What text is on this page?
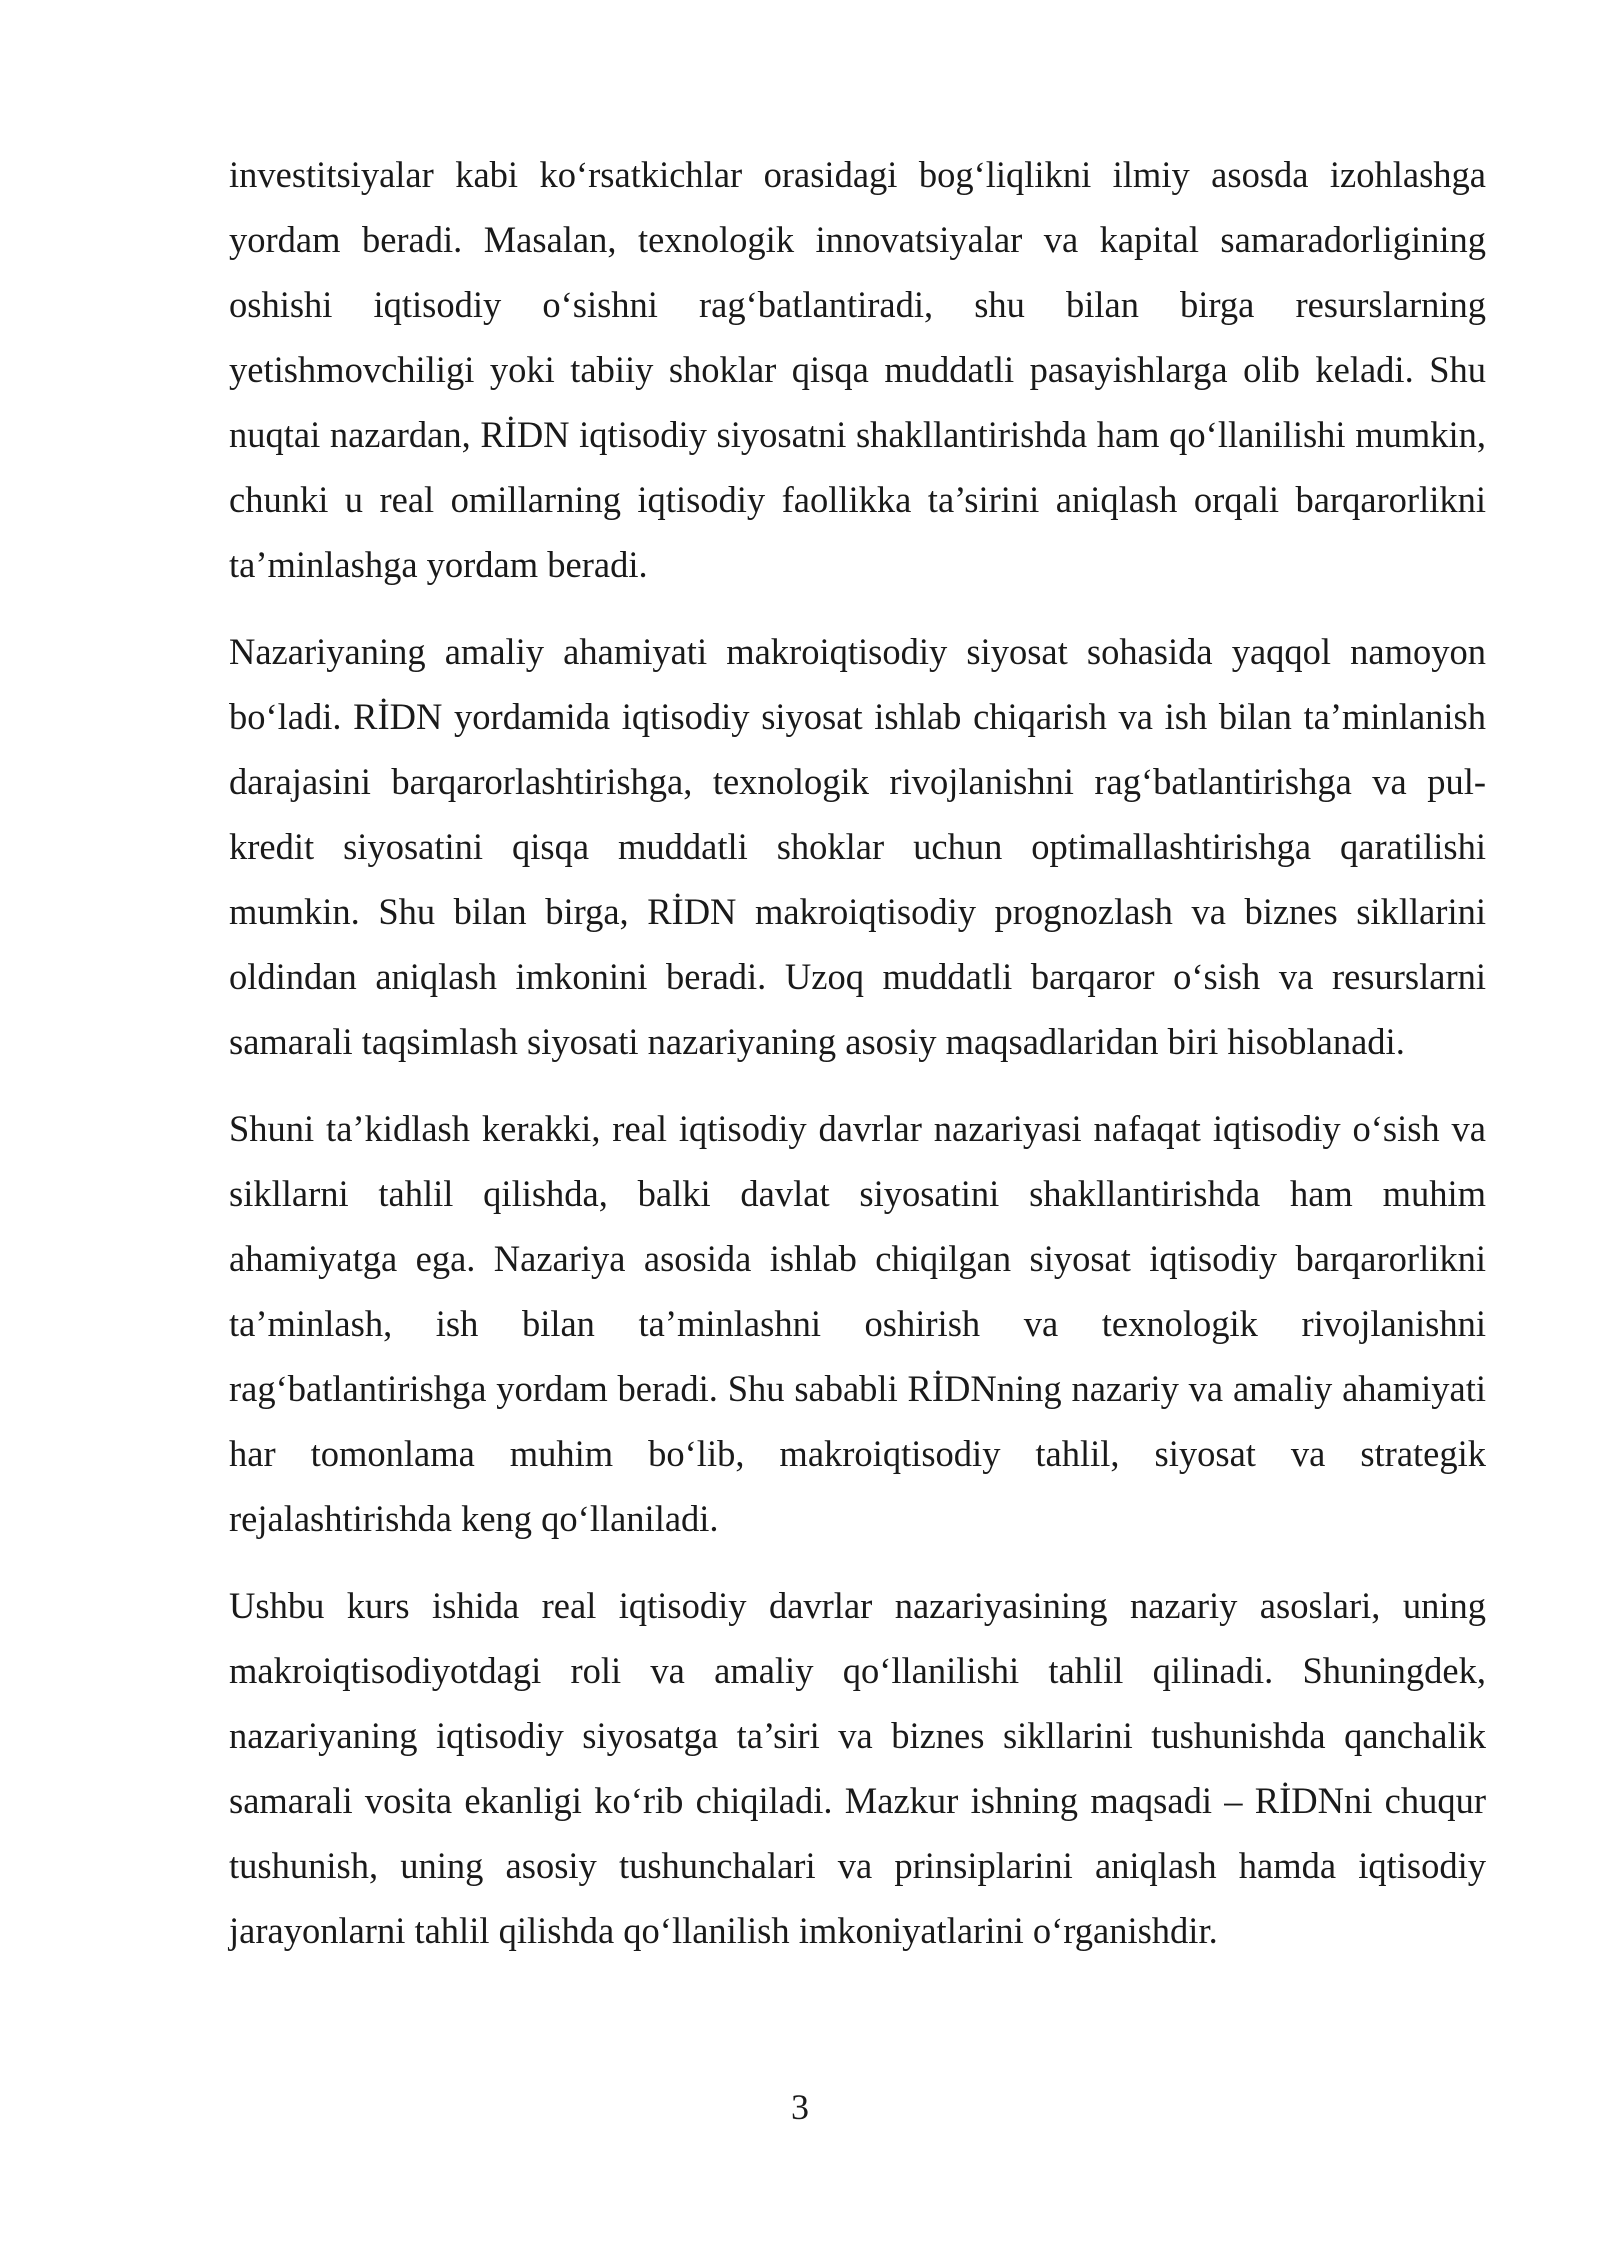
investitsiyalar kabi ko‘rsatkichlar orasidagi bog‘liqlikni ilmiy asosda izohlashga yordam beradi. Masalan, texnologik innovatsiyalar va kapital samaradorligining oshishi iqtisodiy o‘sishni rag‘batlantiradi, shu bilan birga resurslarning yetishmovchiligi yoki tabiiy shoklar qisqa muddatli pasayishlarga olib keladi. Shu nuqtai nazardan, RİDN iqtisodiy siyosatni shakllantirishda ham qo‘llanilishi mumkin, chunki u real omillarning iqtisodiy faollikka ta’sirini aniqlash orqali barqarorlikni ta’minlashga yordam beradi.

Nazariyaning amaliy ahamiyati makroiqtisodiy siyosat sohasida yaqqol namoyon bo‘ladi. RİDN yordamida iqtisodiy siyosat ishlab chiqarish va ish bilan ta’minlanish darajasini barqarorlashtirishga, texnologik rivojlanishni rag‘batlantirishga va pul-kredit siyosatini qisqa muddatli shoklar uchun optimallashtirishga qaratilishi mumkin. Shu bilan birga, RİDN makroiqtisodiy prognozlash va biznes sikllarini oldindan aniqlash imkonini beradi. Uzoq muddatli barqaror o‘sish va resurslarni samarali taqsimlash siyosati nazariyaning asosiy maqsadlaridan biri hisoblanadi.

Shuni ta’kidlash kerakki, real iqtisodiy davrlar nazariyasi nafaqat iqtisodiy o‘sish va sikllarni tahlil qilishda, balki davlat siyosatini shakllantirishda ham muhim ahamiyatga ega. Nazariya asosida ishlab chiqilgan siyosat iqtisodiy barqarorlikni ta’minlash, ish bilan ta’minlashni oshirish va texnologik rivojlanishni rag‘batlantirishga yordam beradi. Shu sababli RİDNning nazariy va amaliy ahamiyati har tomonlama muhim bo‘lib, makroiqtisodiy tahlil, siyosat va strategik rejalashtirishda keng qo‘llaniladi.

Ushbu kurs ishida real iqtisodiy davrlar nazariyasining nazariy asoslari, uning makroiqtisodiyotdagi roli va amaliy qo‘llanilishi tahlil qilinadi. Shuningdek, nazariyaning iqtisodiy siyosatga ta’siri va biznes sikllarini tushunishda qanchalik samarali vosita ekanligi ko‘rib chiqiladi. Mazkur ishning maqsadi – RİDNni chuqur tushunish, uning asosiy tushunchalari va prinsiplarini aniqlash hamda iqtisodiy jarayonlarni tahlil qilishda qo‘llanilish imkoniyatlarini o‘rganishdir.

3
